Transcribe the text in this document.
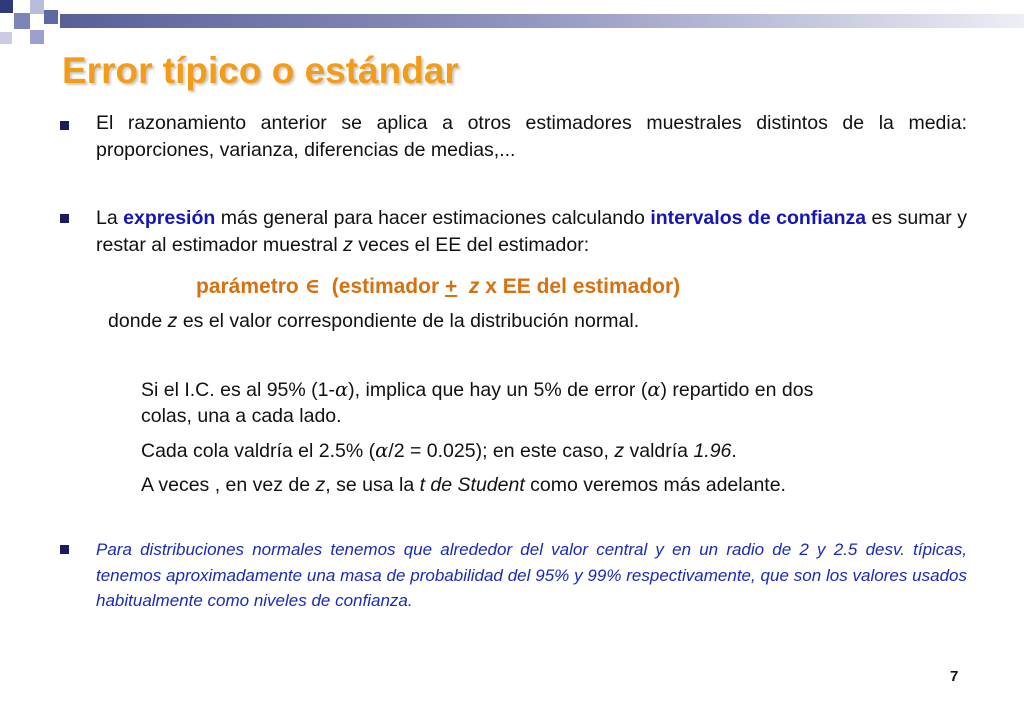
Error típico o estándar

El razonamiento anterior se aplica a otros estimadores muestrales distintos de la media: proporciones, varianza, diferencias de medias,...

La expresión más general para hacer estimaciones calculando intervalos de confianza es sumar y restar al estimador muestral z veces el EE del estimador:

parámetro ∈ (estimador + z x EE del estimador)

donde z es el valor correspondiente de la distribución normal.

Si el I.C. es al 95% (1-α), implica que hay un 5% de error (α) repartido en dos

colas, una a cada lado.

Cada cola valdría el 2.5% (α/2 = 0.025); en este caso, z valdría 1.96.

A veces , en vez de z, se usa la t de Student como veremos más adelante.

Para distribuciones normales tenemos que alrededor del valor central y en un radio de 2 y 2.5 desv. típicas, tenemos aproximadamente una masa de probabilidad del 95% y 99% respectivamente, que son los valores usados habitualmente como niveles de confianza.

7
